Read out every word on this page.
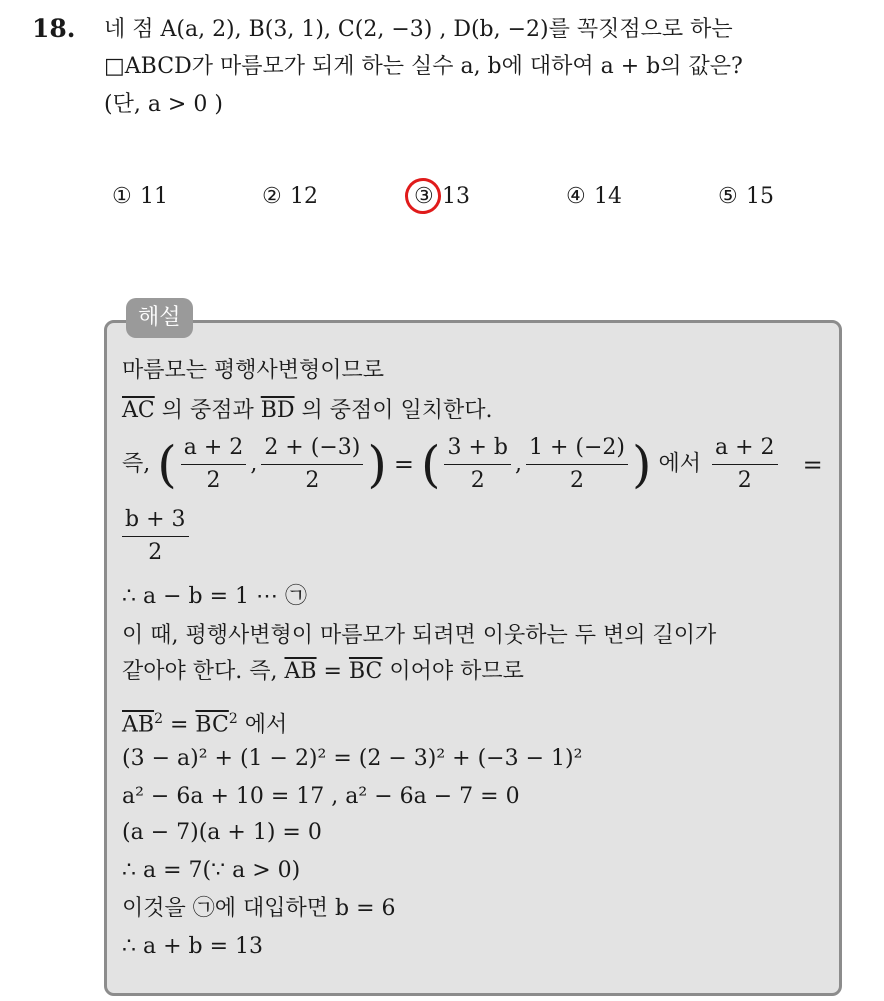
18. 네 점 A(a, 2), B(3, 1), C(2, −3) , D(b, −2)를 꼭짓점으로 하는
□ABCD가 마름모가 되게 하는 실수 a, b에 대하여 a + b의 값은?
(단, a > 0 )
① 11	② 12	③ 13	④ 14	⑤ 15
해설
마름모는 평행사변형이므로
$\overline{AC}$ 의 중점과 $\overline{BD}$ 의 중점이 일치한다.
즉, ( $\frac{a + 2}{2}$ , $\frac{2 + (-3)}{2}$ ) = ( $\frac{3 + b}{2}$ , $\frac{1 + (-2)}{2}$ ) 에서 $\frac{a + 2}{2}$ =
$\frac{b + 3}{2}$
∴ a − b = 1 ⋯ ㉠
이 때, 평행사변형이 마름모가 되려면 이웃하는 두 변의 길이가
같아야 한다. 즉, $\overline{AB} = \overline{BC}$ 이어야 하므로
$\overline{AB}^2 = \overline{BC}^2$ 에서
(3 − a)² + (1 − 2)² = (2 − 3)² + (−3 − 1)²
a² − 6a + 10 = 17 , a² − 6a − 7 = 0
(a − 7)(a + 1) = 0
∴ a = 7(∵ a > 0)
이것을 ㉠에 대입하면 b = 6
∴ a + b = 13
